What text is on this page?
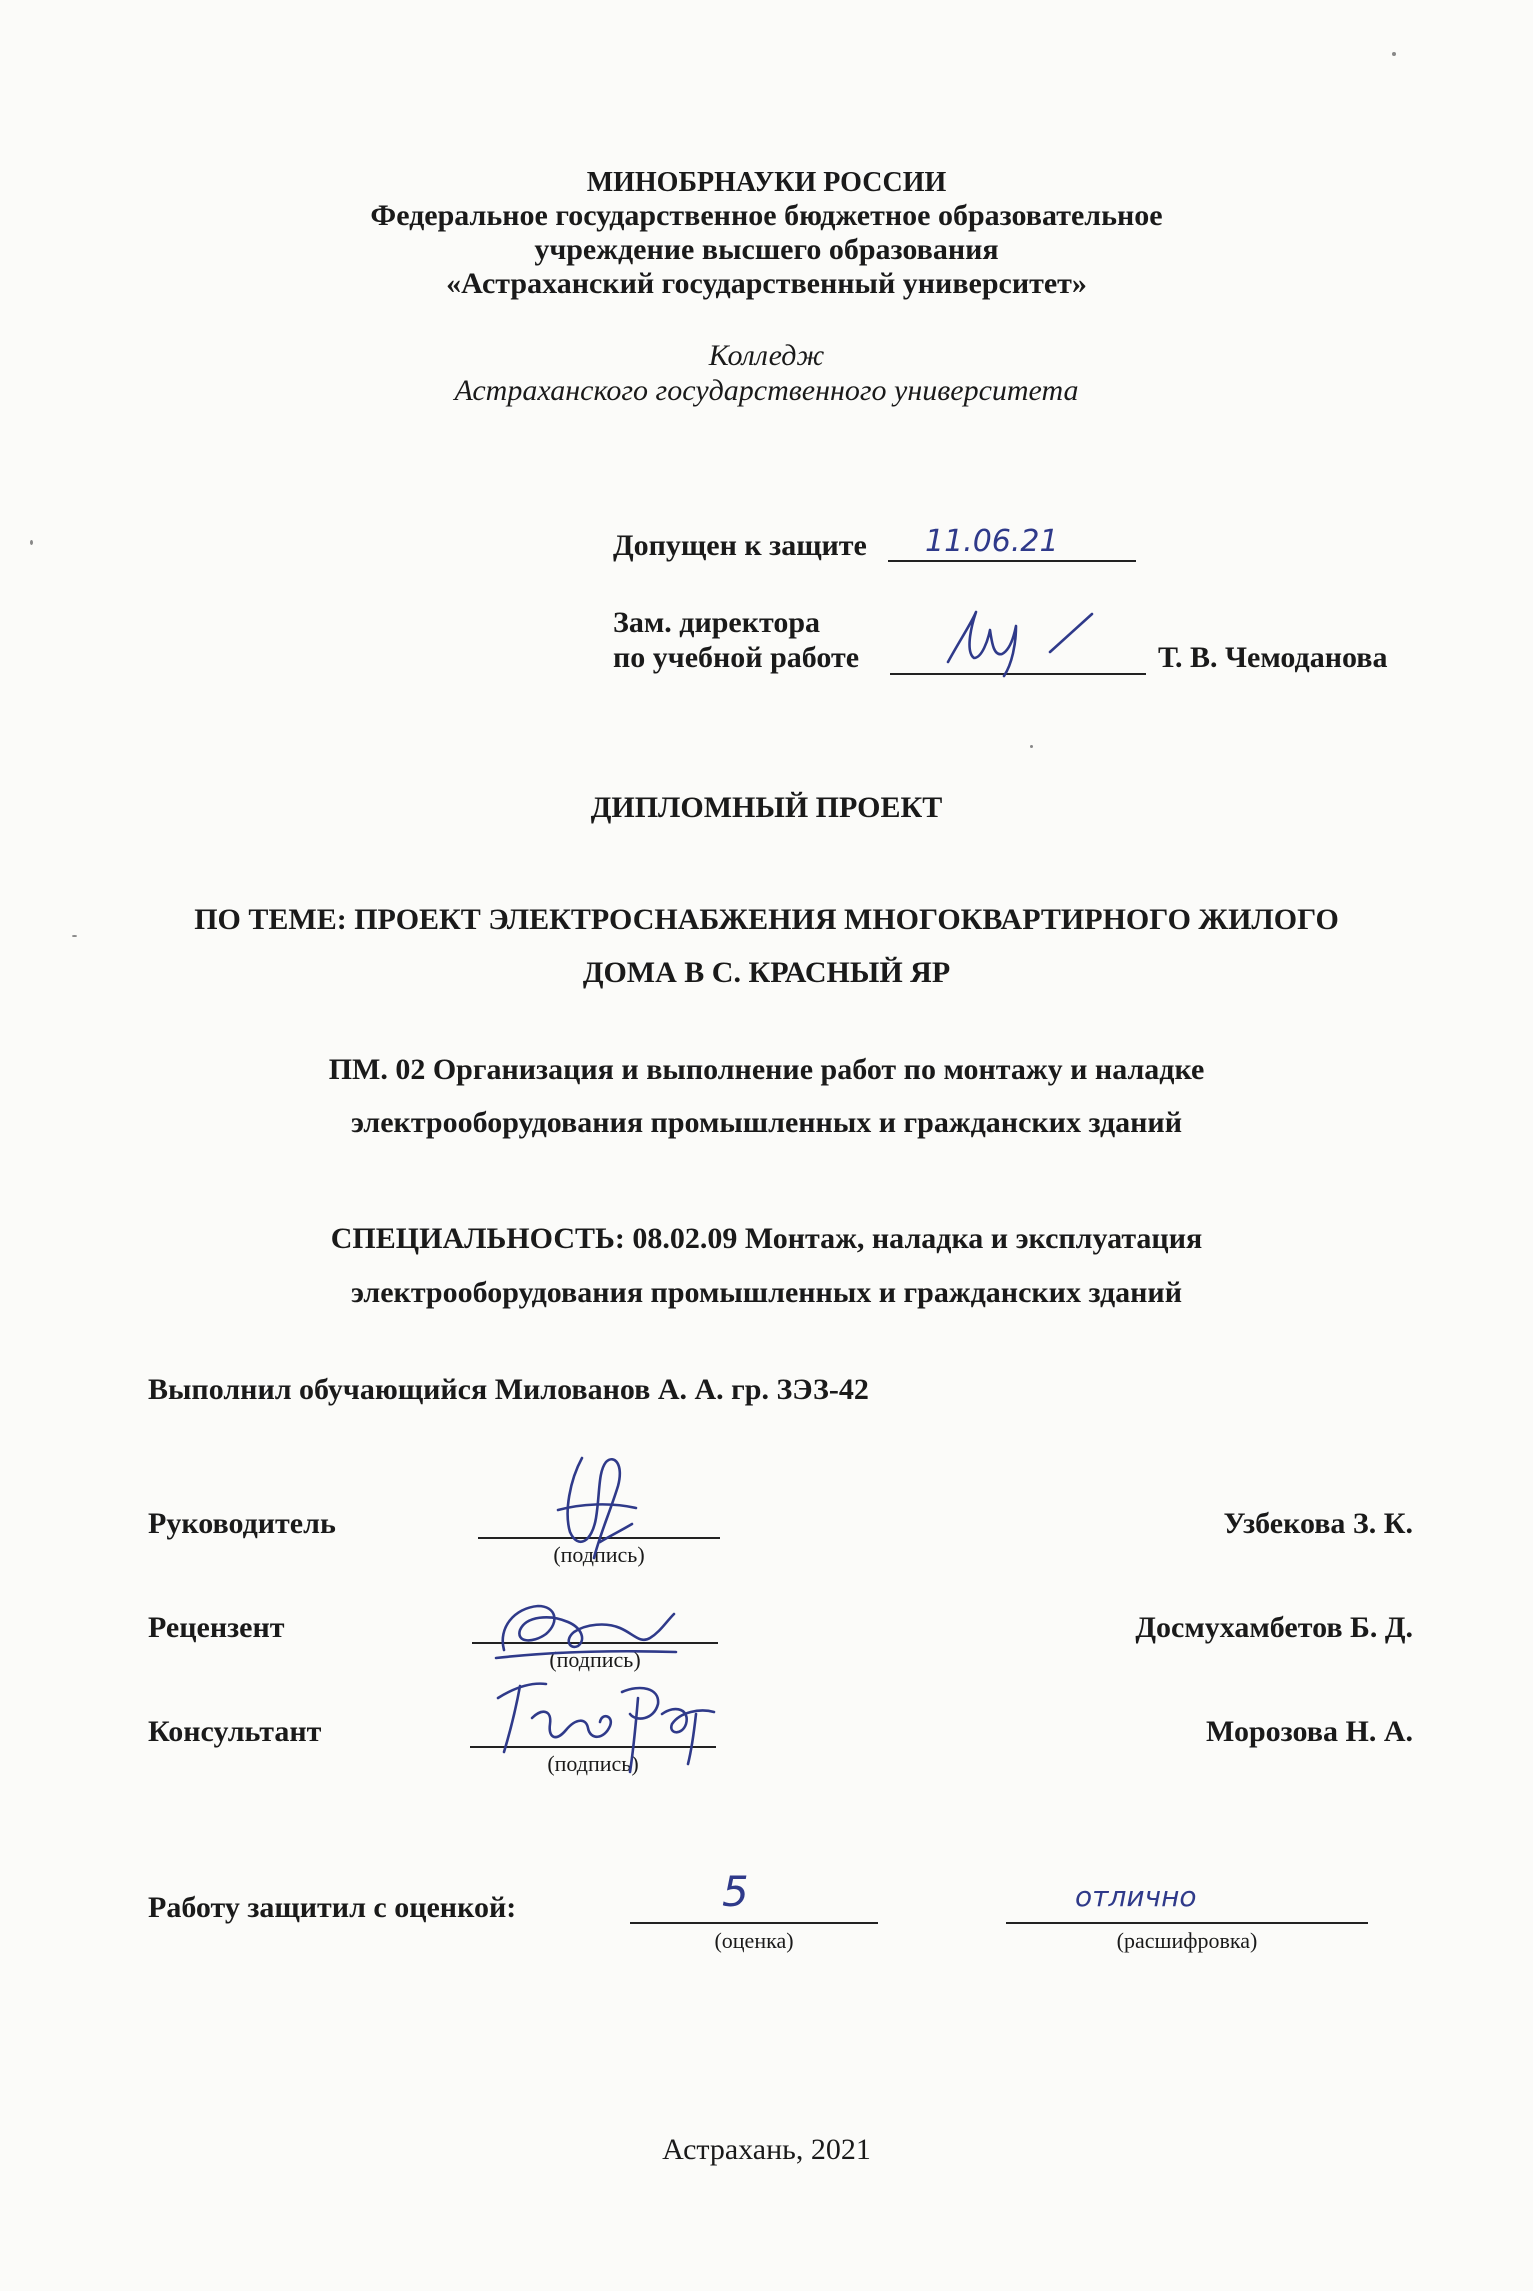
МИНОБРНАУКИ РОССИИ
Федеральное государственное бюджетное образовательное
учреждение высшего образования
«Астраханский государственный университет»
Колледж
Астраханского государственного университета
Допущен к защите 11.06.21
Зам. директора
по учебной работе	Т. В. Чемоданова
ДИПЛОМНЫЙ ПРОЕКТ
ПО ТЕМЕ: ПРОЕКТ ЭЛЕКТРОСНАБЖЕНИЯ МНОГОКВАРТИРНОГО ЖИЛОГО
ДОМА В С. КРАСНЫЙ ЯР
ПМ. 02 Организация и выполнение работ по монтажу и наладке
электрооборудования промышленных и гражданских зданий
СПЕЦИАЛЬНОСТЬ: 08.02.09 Монтаж, наладка и эксплуатация
электрооборудования промышленных и гражданских зданий
Выполнил обучающийся Милованов А. А. гр. ЗЭЗ-42
Руководитель
(подпись)
Узбекова З. К.
Рецензент
(подпись)
Досмухамбетов Б. Д.
Консультант
(подпись)
Морозова Н. А.
Работу защитил с оценкой:	5
(оценка)
отлично
(расшифровка)
Астрахань, 2021
